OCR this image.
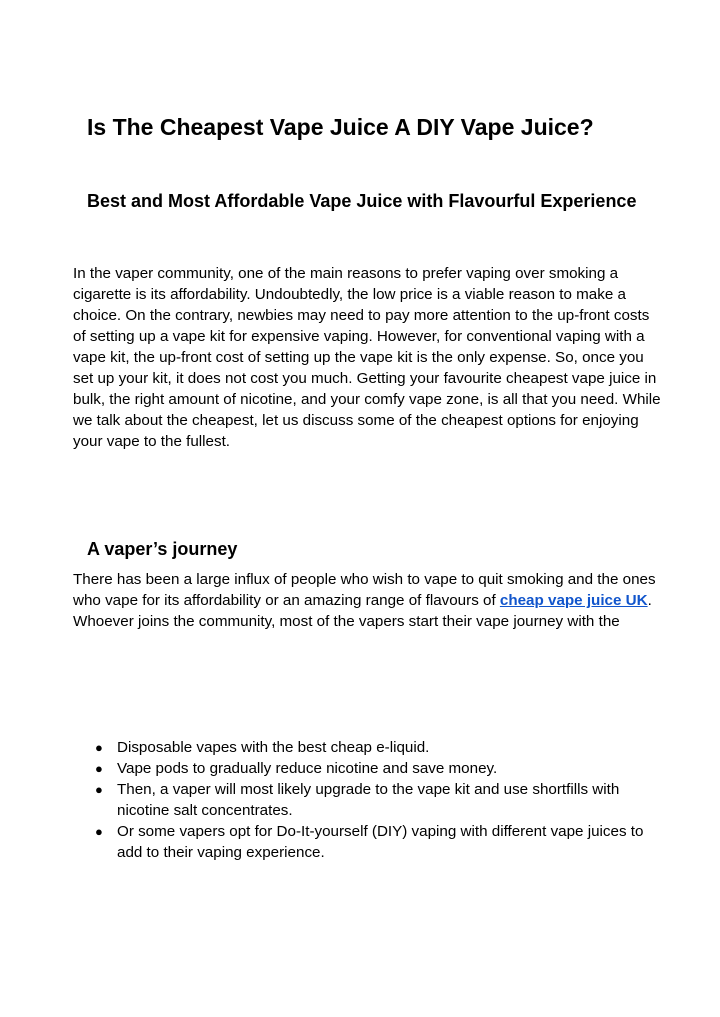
Is The Cheapest Vape Juice A DIY Vape Juice?
Best and Most Affordable Vape Juice with Flavourful Experience

In the vaper community, one of the main reasons to prefer vaping over smoking a cigarette is its affordability. Undoubtedly, the low price is a viable reason to make a choice. On the contrary, newbies may need to pay more attention to the up-front costs of setting up a vape kit for expensive vaping. However, for conventional vaping with a vape kit, the up-front cost of setting up the vape kit is the only expense. So, once you set up your kit, it does not cost you much. Getting your favourite cheapest vape juice in bulk, the right amount of nicotine, and your comfy vape zone, is all that you need. While we talk about the cheapest, let us discuss some of the cheapest options for enjoying your vape to the fullest.

A vaper’s journey

There has been a large influx of people who wish to vape to quit smoking and the ones who vape for its affordability or an amazing range of flavours of cheap vape juice UK. Whoever joins the community, most of the vapers start their vape journey with the

● Disposable vapes with the best cheap e-liquid.
● Vape pods to gradually reduce nicotine and save money.
● Then, a vaper will most likely upgrade to the vape kit and use shortfills with nicotine salt concentrates.
● Or some vapers opt for Do-It-yourself (DIY) vaping with different vape juices to add to their vaping experience.
